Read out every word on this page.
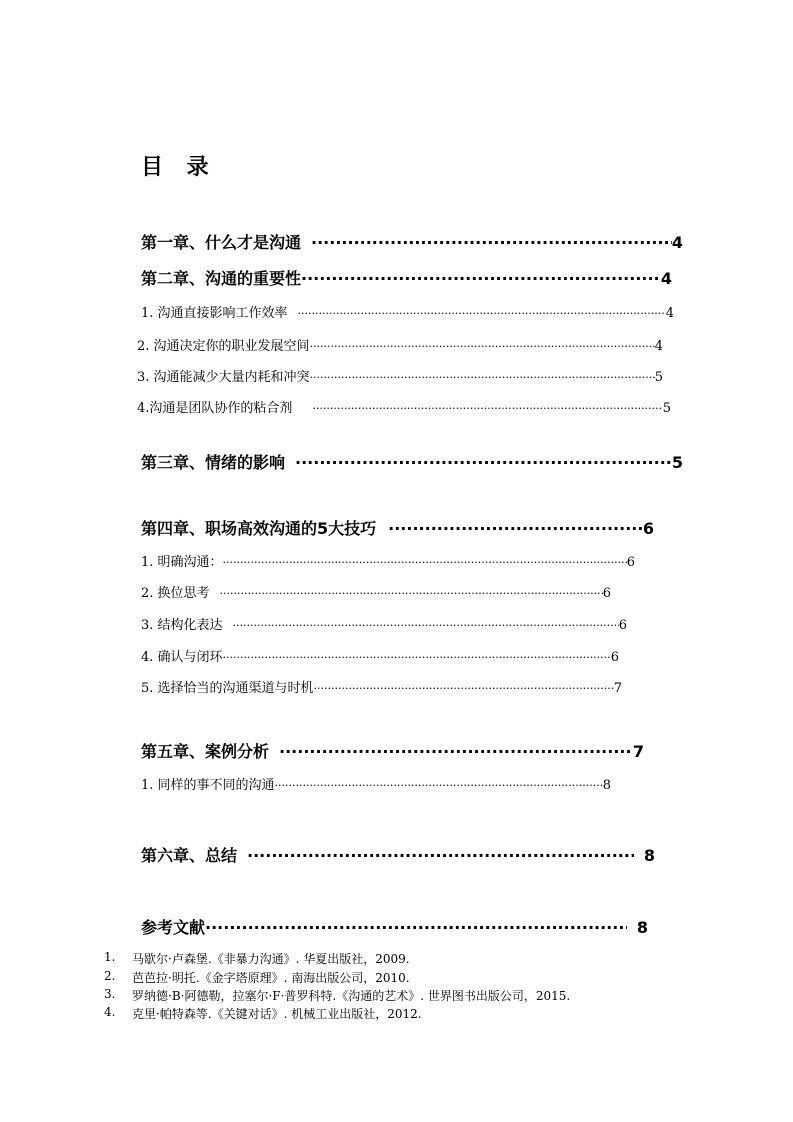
目 录
第一章、什么才是沟通 ·····	4
第二章、沟通的重要性 ·····	4
1. 沟通直接影响工作效率 ·····	4
2. 沟通决定你的职业发展空间 ·····	4
3. 沟通能减少大量内耗和冲突 ·····	5
4.沟通是团队协作的粘合剂 ·····	5
第三章、情绪的影响 ·····	5
第四章、职场高效沟通的5大技巧 ·····	6
1. 明确沟通： ·····	6
2. 换位思考 ·····	6
3. 结构化表达 ·····	6
4. 确认与闭环 ·····	6
5. 选择恰当的沟通渠道与时机 ·····	7
第五章、案例分析 ·····	7
1. 同样的事不同的沟通 ·····	8
第六章、总结 ·····	8
参考文献 ·····	8
1.	马歇尔·卢森堡.《非暴力沟通》. 华夏出版社，2009.
2.	芭芭拉·明托.《金字塔原理》. 南海出版公司，2010.
3.	罗纳德·B·阿德勒，拉塞尔·F·普罗科特.《沟通的艺术》. 世界图书出版公司，2015.
4.	克里·帕特森等.《关键对话》. 机械工业出版社，2012.
